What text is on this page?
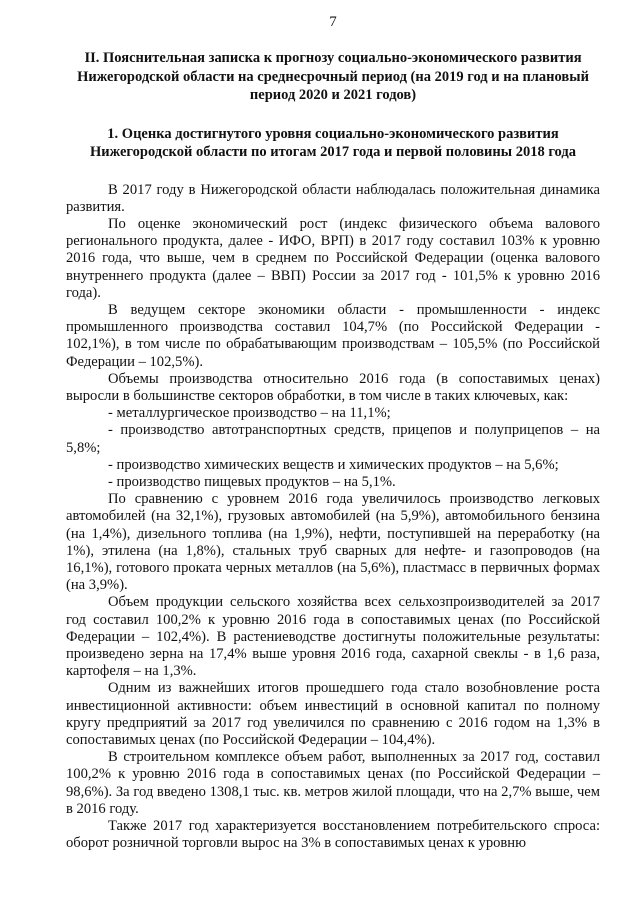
7
II. Пояснительная записка к прогнозу социально-экономического развития Нижегородской области на среднесрочный период (на 2019 год и на плановый период 2020 и 2021 годов)
1. Оценка достигнутого уровня социально-экономического развития Нижегородской области по итогам 2017 года и первой половины 2018 года

В 2017 году в Нижегородской области наблюдалась положительная динамика развития.

По оценке экономический рост (индекс физического объема валового регионального продукта, далее - ИФО, ВРП) в 2017 году составил 103% к уровню 2016 года, что выше, чем в среднем по Российской Федерации (оценка валового внутреннего продукта (далее – ВВП) России за 2017 год - 101,5% к уровню 2016 года).

В ведущем секторе экономики области - промышленности - индекс промышленного производства составил 104,7% (по Российской Федерации - 102,1%), в том числе по обрабатывающим производствам – 105,5% (по Российской Федерации – 102,5%).

Объемы производства относительно 2016 года (в сопоставимых ценах) выросли в большинстве секторов обработки, в том числе в таких ключевых, как:

- металлургическое производство – на 11,1%;

- производство автотранспортных средств, прицепов и полуприцепов – на 5,8%;

- производство химических веществ и химических продуктов – на 5,6%;

- производство пищевых продуктов – на 5,1%.

По сравнению с уровнем 2016 года увеличилось производство легковых автомобилей (на 32,1%), грузовых автомобилей (на 5,9%), автомобильного бензина (на 1,4%), дизельного топлива (на 1,9%), нефти, поступившей на переработку (на 1%), этилена (на 1,8%), стальных труб сварных для нефте- и газопроводов (на 16,1%), готового проката черных металлов (на 5,6%), пластмасс в первичных формах (на 3,9%).

Объем продукции сельского хозяйства всех сельхозпроизводителей за 2017 год составил 100,2% к уровню 2016 года в сопоставимых ценах (по Российской Федерации – 102,4%). В растениеводстве достигнуты положительные результаты: произведено зерна на 17,4% выше уровня 2016 года, сахарной свеклы - в 1,6 раза, картофеля – на 1,3%.

Одним из важнейших итогов прошедшего года стало возобновление роста инвестиционной активности: объем инвестиций в основной капитал по полному кругу предприятий за 2017 год увеличился по сравнению с 2016 годом на 1,3% в сопоставимых ценах (по Российской Федерации – 104,4%).

В строительном комплексе объем работ, выполненных за 2017 год, составил 100,2% к уровню 2016 года в сопоставимых ценах (по Российской Федерации – 98,6%). За год введено 1308,1 тыс. кв. метров жилой площади, что на 2,7% выше, чем в 2016 году.

Также 2017 год характеризуется восстановлением потребительского спроса: оборот розничной торговли вырос на 3% в сопоставимых ценах к уровню
